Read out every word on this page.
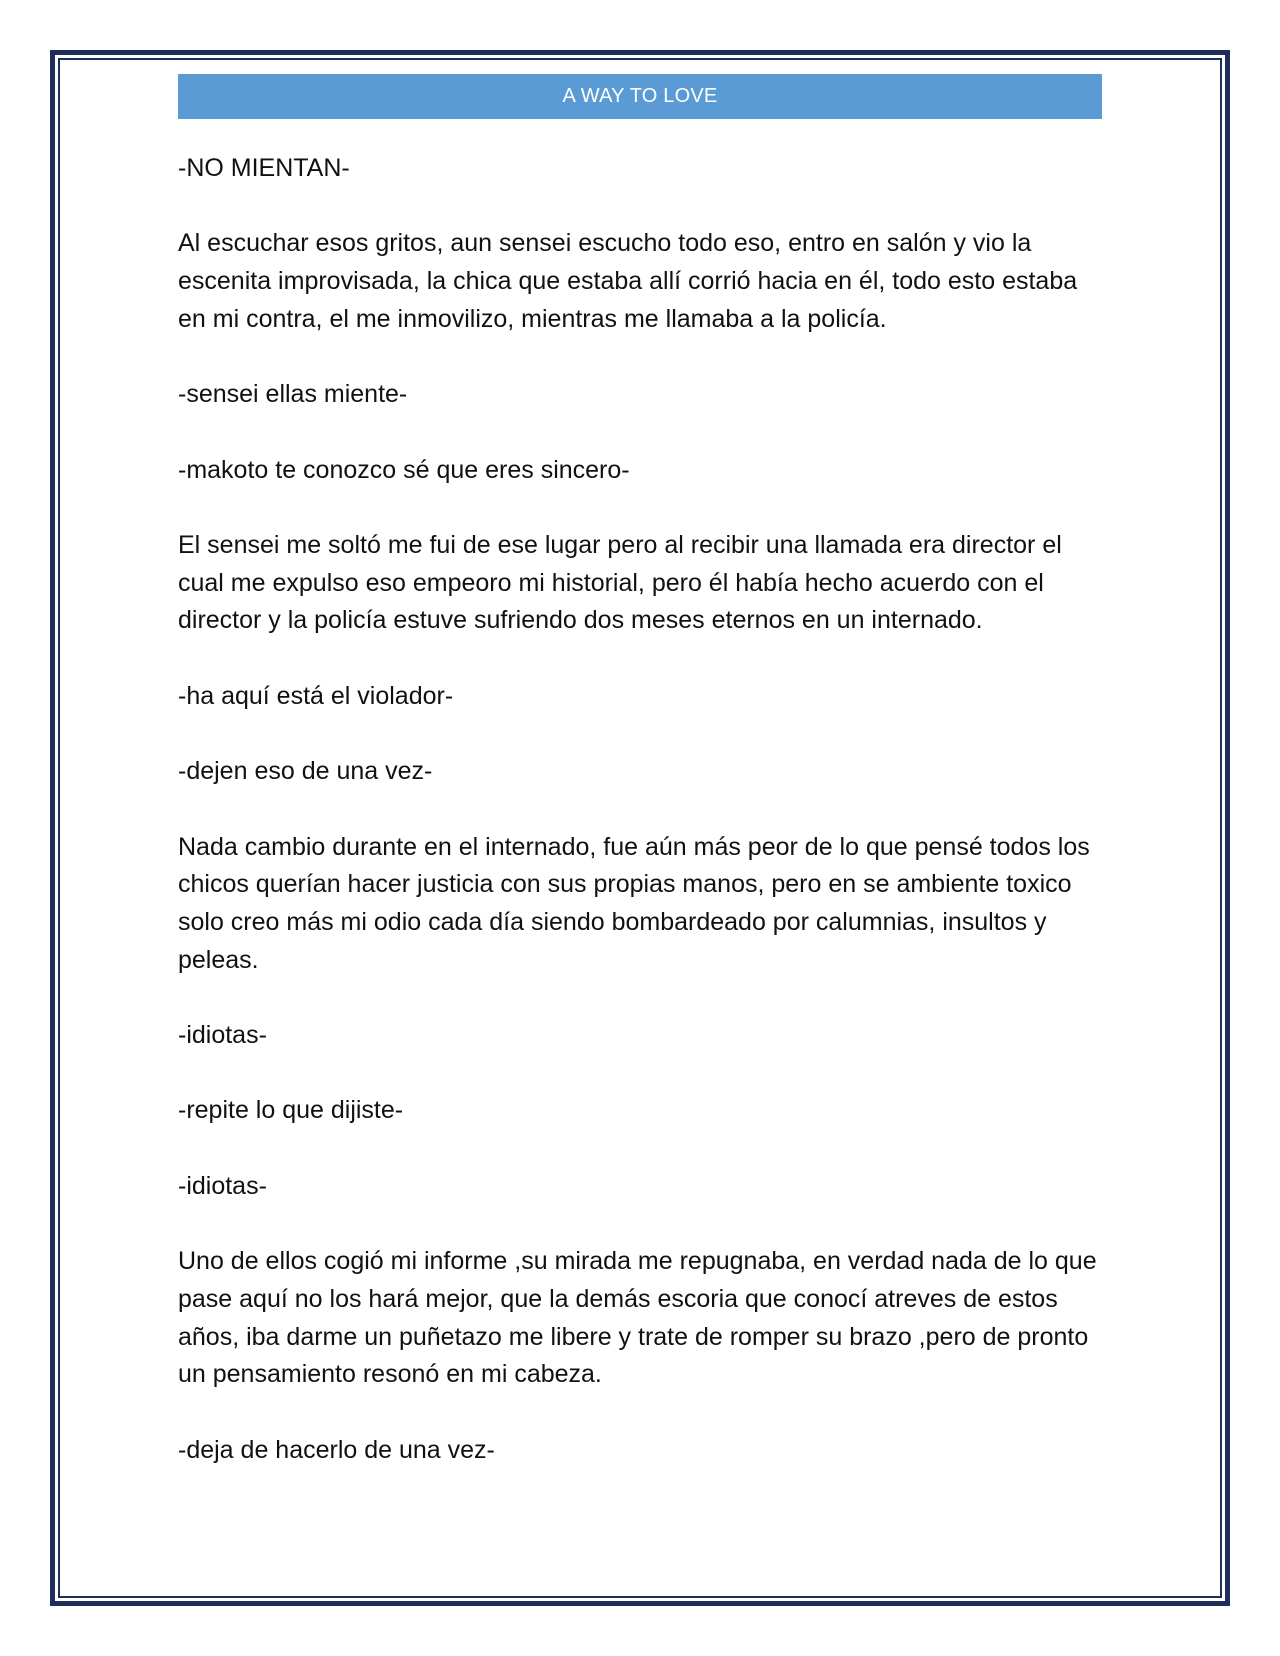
A WAY TO LOVE

-NO MIENTAN-

Al escuchar esos gritos, aun sensei escucho todo eso, entro en salón y vio la escenita improvisada, la chica que estaba allí corrió hacia en él, todo esto estaba en mi contra, el me inmovilizo, mientras me llamaba a la policía.

-sensei ellas miente-

-makoto te conozco sé que eres sincero-

El sensei me soltó me fui de ese lugar pero al recibir una llamada era director el cual me expulso eso empeoro mi historial, pero él había hecho acuerdo con el director y la policía estuve sufriendo dos meses eternos en un internado.

-ha aquí está el violador-

-dejen eso de una vez-

Nada cambio durante en el internado, fue aún más peor de lo que pensé todos los chicos querían hacer justicia con sus propias manos, pero en se ambiente toxico solo creo más mi odio cada día siendo bombardeado por calumnias, insultos y peleas.

-idiotas-

-repite lo que dijiste-

-idiotas-

Uno de ellos cogió mi informe ,su mirada me repugnaba, en verdad nada de lo que pase aquí no los hará mejor, que la demás escoria que conocí atreves de estos años, iba darme un puñetazo me libere y trate de romper su brazo ,pero de pronto un pensamiento resonó en mi cabeza.

-deja de hacerlo de una vez-
